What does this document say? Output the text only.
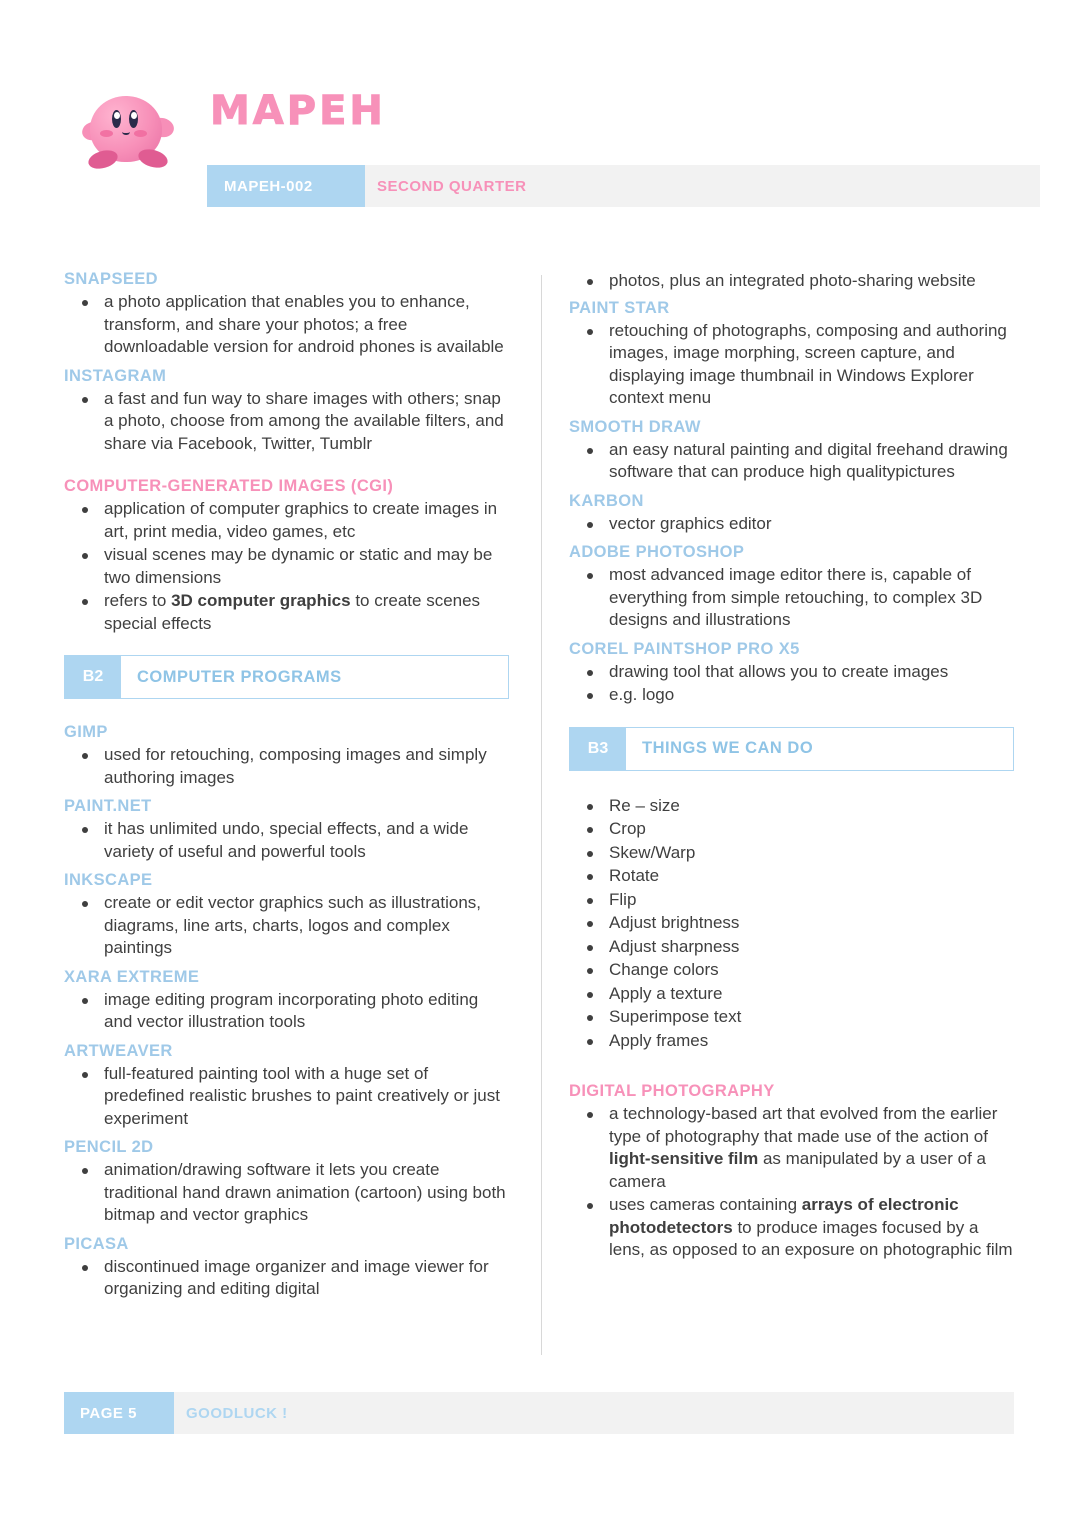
MAPEH
MAPEH-002	SECOND QUARTER
SNAPSEED
a photo application that enables you to enhance, transform, and share your photos; a free downloadable version for android phones is available
INSTAGRAM
a fast and fun way to share images with others; snap a photo, choose from among the available filters, and share via Facebook, Twitter, Tumblr
COMPUTER-GENERATED IMAGES (CGI)
application of computer graphics to create images in art, print media, video games, etc
visual scenes may be dynamic or static and may be two dimensions
refers to 3D computer graphics to create scenes special effects
B2	COMPUTER PROGRAMS
GIMP
used for retouching, composing images and simply authoring images
PAINT.NET
it has unlimited undo, special effects, and a wide variety of useful and powerful tools
INKSCAPE
create or edit vector graphics such as illustrations, diagrams, line arts, charts, logos and complex paintings
XARA EXTREME
image editing program incorporating photo editing and vector illustration tools
ARTWEAVER
full-featured painting tool with a huge set of predefined realistic brushes to paint creatively or just experiment
PENCIL 2D
animation/drawing software it lets you create traditional hand drawn animation (cartoon) using both bitmap and vector graphics
PICASA
discontinued image organizer and image viewer for organizing and editing digital
photos, plus an integrated photo-sharing website
PAINT STAR
retouching of photographs, composing and authoring images, image morphing, screen capture, and displaying image thumbnail in Windows Explorer context menu
SMOOTH DRAW
an easy natural painting and digital freehand drawing software that can produce high qualitypictures
KARBON
vector graphics editor
ADOBE PHOTOSHOP
most advanced image editor there is, capable of everything from simple retouching, to complex 3D designs and illustrations
COREL PAINTSHOP PRO X5
drawing tool that allows you to create images
e.g. logo
B3	THINGS WE CAN DO
Re – size
Crop
Skew/Warp
Rotate
Flip
Adjust brightness
Adjust sharpness
Change colors
Apply a texture
Superimpose text
Apply frames
DIGITAL PHOTOGRAPHY
a technology-based art that evolved from the earlier type of photography that made use of the action of light-sensitive film as manipulated by a user of a camera
uses cameras containing arrays of electronic photodetectors to produce images focused by a lens, as opposed to an exposure on photographic film
PAGE 5	GOODLUCK !
